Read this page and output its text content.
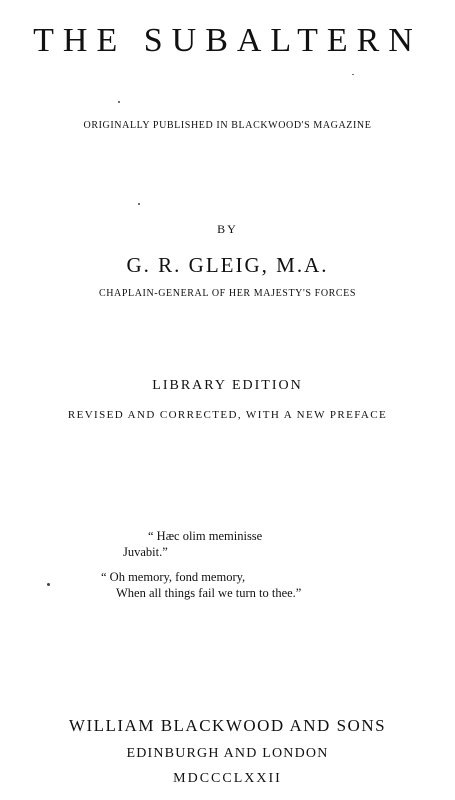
THE SUBALTERN
ORIGINALLY PUBLISHED IN BLACKWOOD'S MAGAZINE
BY
G. R. GLEIG, M.A.
CHAPLAIN-GENERAL OF HER MAJESTY'S FORCES
LIBRARY EDITION
REVISED AND CORRECTED, WITH A NEW PREFACE
“ Hæc olim meminisse
Juvabit.”
“ Oh memory, fond memory,
When all things fail we turn to thee.”
WILLIAM BLACKWOOD AND SONS
EDINBURGH AND LONDON
MDCCCLXXII
